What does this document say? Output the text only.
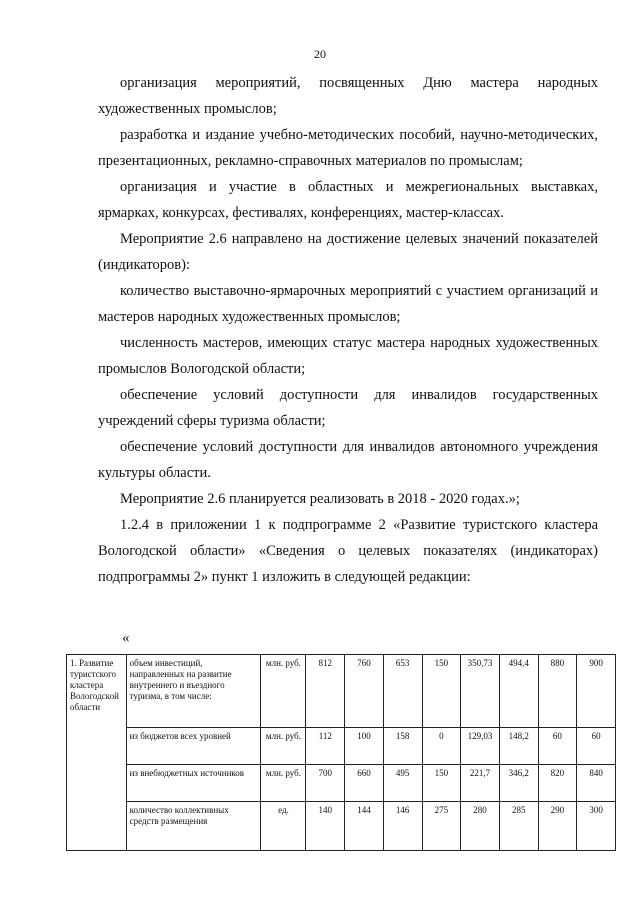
20

организация мероприятий, посвященных Дню мастера народных художественных промыслов;

разработка и издание учебно-методических пособий, научно-методических, презентационных, рекламно-справочных материалов по промыслам;

организация и участие в областных и межрегиональных выставках, ярмарках, конкурсах, фестивалях, конференциях, мастер-классах.

Мероприятие 2.6 направлено на достижение целевых значений показателей (индикаторов):

количество выставочно-ярмарочных мероприятий с участием организаций и мастеров народных художественных промыслов;

численность мастеров, имеющих статус мастера народных художественных промыслов Вологодской области;

обеспечение условий доступности для инвалидов государственных учреждений сферы туризма области;

обеспечение условий доступности для инвалидов автономного учреждения культуры области.

Мероприятие 2.6 планируется реализовать в 2018 - 2020 годах.»;

1.2.4 в приложении 1 к подпрограмме 2 «Развитие туристского кластера Вологодской области» «Сведения о целевых показателях (индикаторах) подпрограммы 2» пункт 1 изложить в следующей редакции:

«
1. Развитие туристского кластера Вологодской области	объем инвестиций, направленных на развитие внутреннего и въездного туризма, в том числе:	млн. руб.	812	760	653	150	350,73	494,4	880	900
	из бюджетов всех уровней	млн. руб.	112	100	158	0	129,03	148,2	60	60
	из внебюджетных источников	млн. руб.	700	660	495	150	221,7	346,2	820	840
	количество коллективных средств размещения	ед.	140	144	146	275	280	285	290	300
